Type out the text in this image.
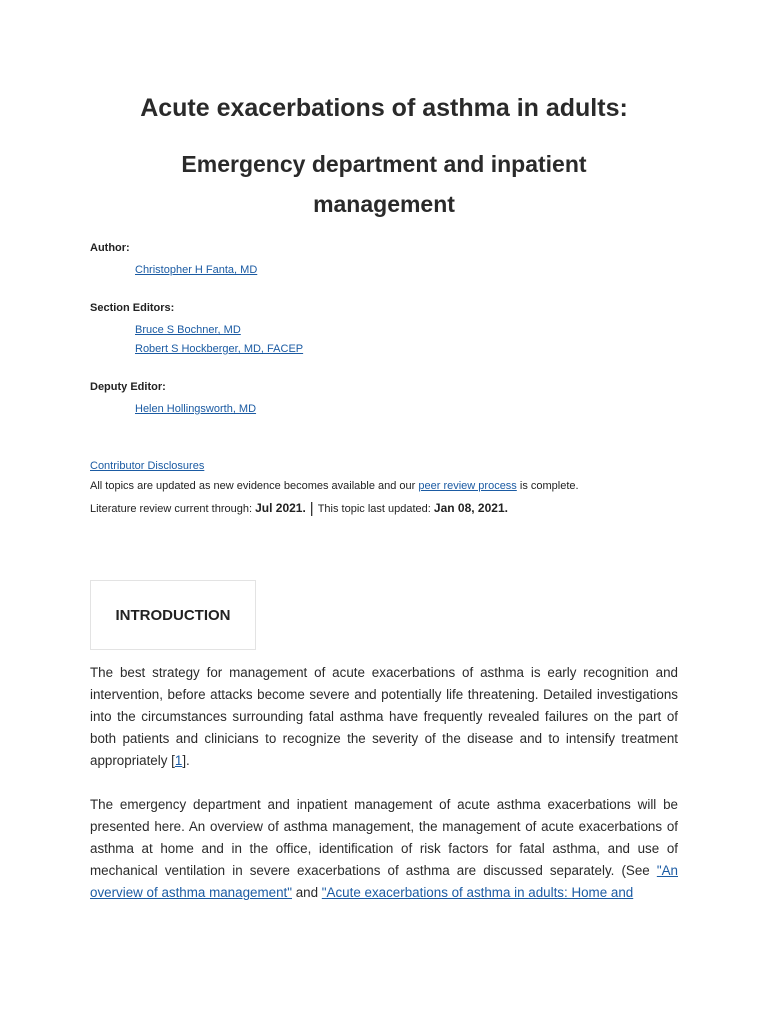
Acute exacerbations of asthma in adults:
Emergency department and inpatient management
Author:
Christopher H Fanta, MD
Section Editors:
Bruce S Bochner, MD
Robert S Hockberger, MD, FACEP
Deputy Editor:
Helen Hollingsworth, MD
Contributor Disclosures
All topics are updated as new evidence becomes available and our peer review process is complete.
Literature review current through: Jul 2021. | This topic last updated: Jan 08, 2021.
INTRODUCTION

The best strategy for management of acute exacerbations of asthma is early recognition and intervention, before attacks become severe and potentially life threatening. Detailed investigations into the circumstances surrounding fatal asthma have frequently revealed failures on the part of both patients and clinicians to recognize the severity of the disease and to intensify treatment appropriately [1].

The emergency department and inpatient management of acute asthma exacerbations will be presented here. An overview of asthma management, the management of acute exacerbations of asthma at home and in the office, identification of risk factors for fatal asthma, and use of mechanical ventilation in severe exacerbations of asthma are discussed separately. (See "An overview of asthma management" and "Acute exacerbations of asthma in adults: Home and
